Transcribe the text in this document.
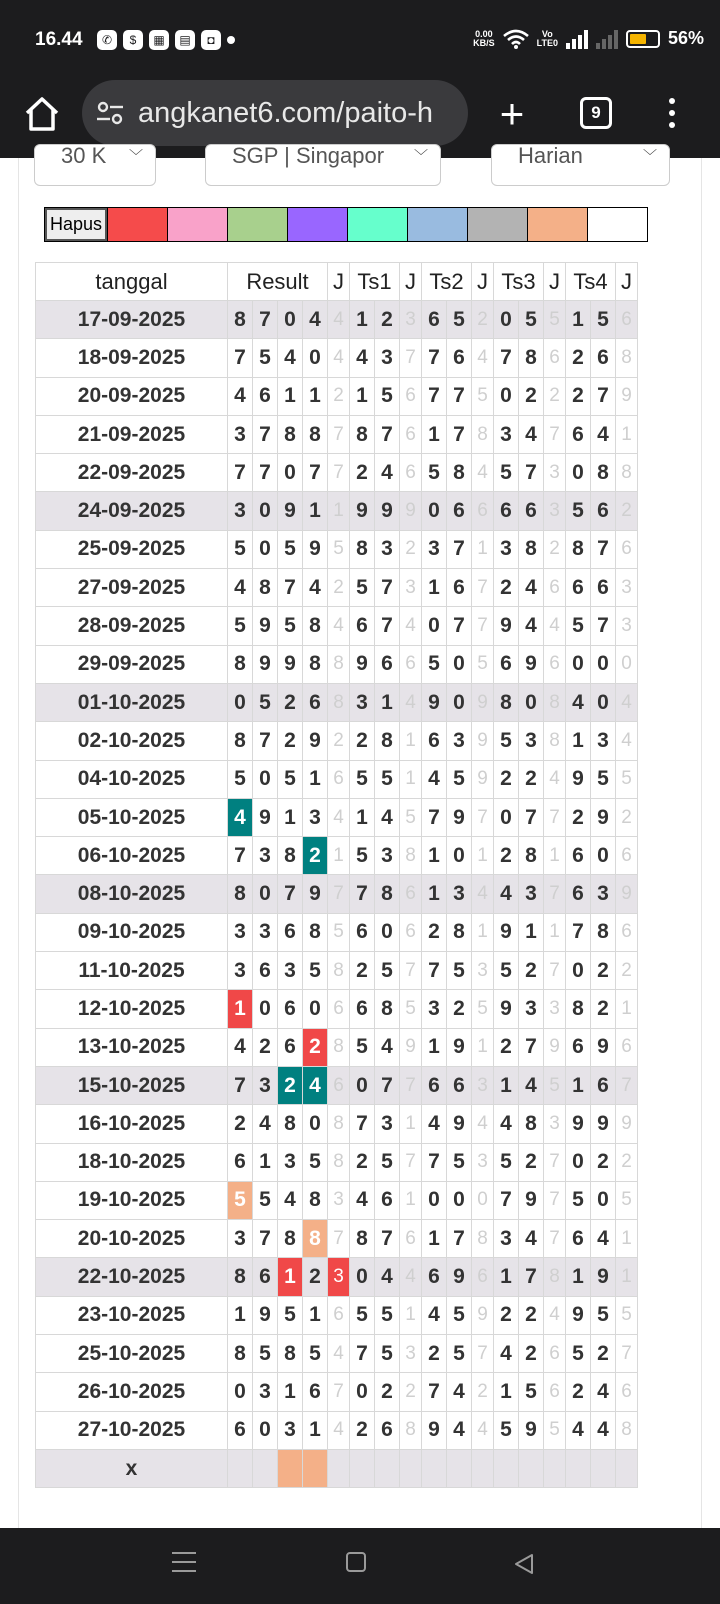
16.44	✆	$	▦	▤	◘	0.00
KB/S
Vo
LTE0	56%
angkanet6.com/paito-h	+	9
30 K	﹀	SGP | Singapor	﹀	Harian	﹀
Hapus
tanggal	Result				J	Ts1		J	Ts2		J	Ts3		J	Ts4		J
17-09-2025	8	7	0	4	4	1	2	3	6	5	2	0	5	5	1	5	6
18-09-2025	7	5	4	0	4	4	3	7	7	6	4	7	8	6	2	6	8
20-09-2025	4	6	1	1	2	1	5	6	7	7	5	0	2	2	2	7	9
21-09-2025	3	7	8	8	7	8	7	6	1	7	8	3	4	7	6	4	1
22-09-2025	7	7	0	7	7	2	4	6	5	8	4	5	7	3	0	8	8
24-09-2025	3	0	9	1	1	9	9	9	0	6	6	6	6	3	5	6	2
25-09-2025	5	0	5	9	5	8	3	2	3	7	1	3	8	2	8	7	6
27-09-2025	4	8	7	4	2	5	7	3	1	6	7	2	4	6	6	6	3
28-09-2025	5	9	5	8	4	6	7	4	0	7	7	9	4	4	5	7	3
29-09-2025	8	9	9	8	8	9	6	6	5	0	5	6	9	6	0	0	0
01-10-2025	0	5	2	6	8	3	1	4	9	0	9	8	0	8	4	0	4
02-10-2025	8	7	2	9	2	2	8	1	6	3	9	5	3	8	1	3	4
04-10-2025	5	0	5	1	6	5	5	1	4	5	9	2	2	4	9	5	5
05-10-2025	4	9	1	3	4	1	4	5	7	9	7	0	7	7	2	9	2
06-10-2025	7	3	8	2	1	5	3	8	1	0	1	2	8	1	6	0	6
08-10-2025	8	0	7	9	7	7	8	6	1	3	4	4	3	7	6	3	9
09-10-2025	3	3	6	8	5	6	0	6	2	8	1	9	1	1	7	8	6
11-10-2025	3	6	3	5	8	2	5	7	7	5	3	5	2	7	0	2	2
12-10-2025	1	0	6	0	6	6	8	5	3	2	5	9	3	3	8	2	1
13-10-2025	4	2	6	2	8	5	4	9	1	9	1	2	7	9	6	9	6
15-10-2025	7	3	2	4	6	0	7	7	6	6	3	1	4	5	1	6	7
16-10-2025	2	4	8	0	8	7	3	1	4	9	4	4	8	3	9	9	9
18-10-2025	6	1	3	5	8	2	5	7	7	5	3	5	2	7	0	2	2
19-10-2025	5	5	4	8	3	4	6	1	0	0	0	7	9	7	5	0	5
20-10-2025	3	7	8	8	7	8	7	6	1	7	8	3	4	7	6	4	1
22-10-2025	8	6	1	2	3	0	4	4	6	9	6	1	7	8	1	9	1
23-10-2025	1	9	5	1	6	5	5	1	4	5	9	2	2	4	9	5	5
25-10-2025	8	5	8	5	4	7	5	3	2	5	7	4	2	6	5	2	7
26-10-2025	0	3	1	6	7	0	2	2	7	4	2	1	5	6	2	4	6
27-10-2025	6	0	3	1	4	2	6	8	9	4	4	5	9	5	4	4	8
x																	
